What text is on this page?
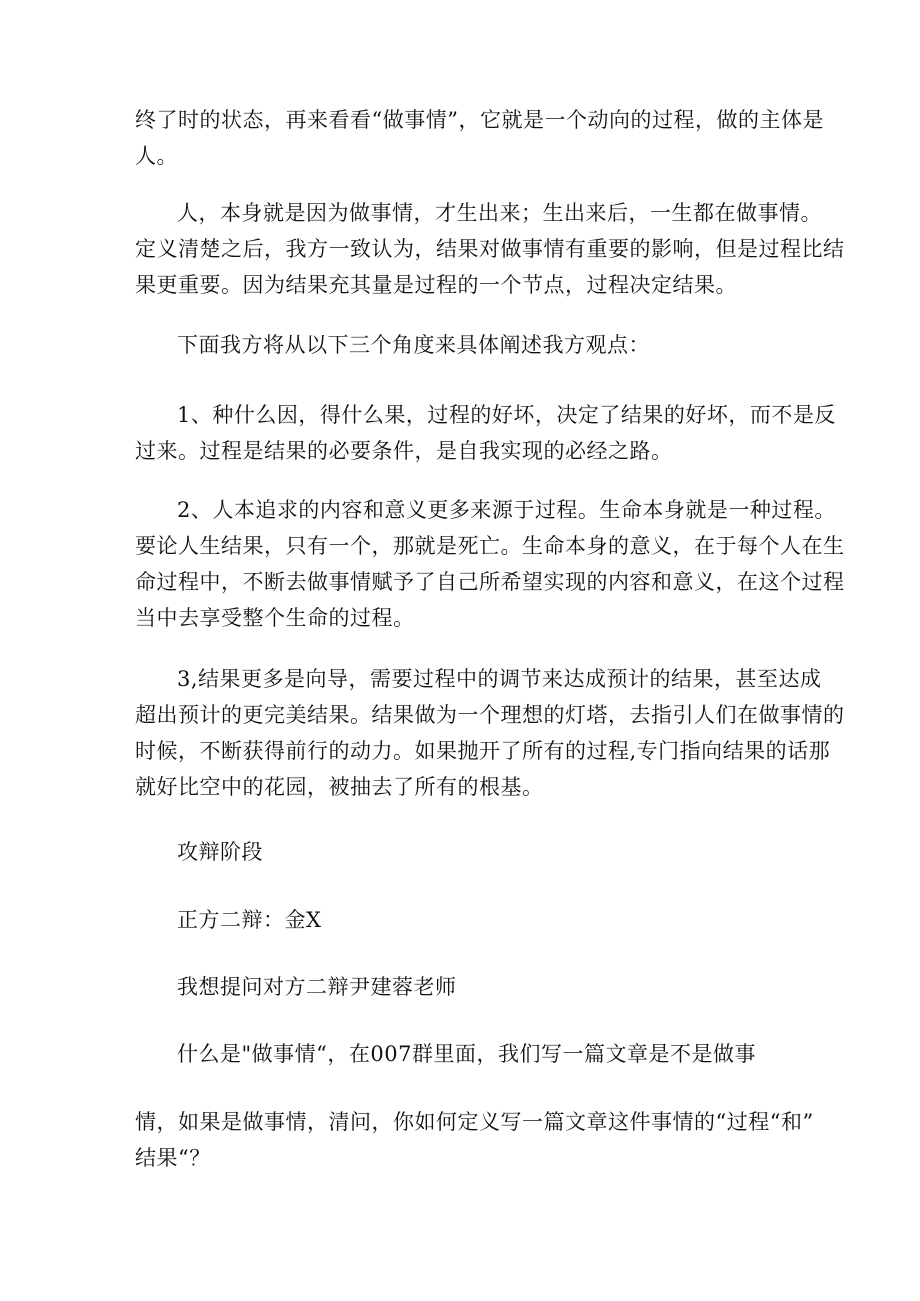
终了时的状态，再来看看“做事情”，它就是一个动向的过程，做的主体是
人。
人，本身就是因为做事情，才生出来；生出来后，一生都在做事情。
定义清楚之后，我方一致认为，结果对做事情有重要的影响，但是过程比结
果更重要。因为结果充其量是过程的一个节点，过程决定结果。
下面我方将从以下三个角度来具体阐述我方观点：
1、种什么因，得什么果，过程的好坏，决定了结果的好坏，而不是反
过来。过程是结果的必要条件，是自我实现的必经之路。
2、人本追求的内容和意义更多来源于过程。生命本身就是一种过程。
要论人生结果，只有一个，那就是死亡。生命本身的意义，在于每个人在生
命过程中，不断去做事情赋予了自己所希望实现的内容和意义，在这个过程
当中去享受整个生命的过程。
3,结果更多是向导，需要过程中的调节来达成预计的结果，甚至达成
超出预计的更完美结果。结果做为一个理想的灯塔，去指引人们在做事情的
时候，不断获得前行的动力。如果抛开了所有的过程,专门指向结果的话那
就好比空中的花园，被抽去了所有的根基。
攻辩阶段
正方二辩：金X
我想提问对方二辩尹建蓉老师
什么是"做事情“，在007群里面，我们写一篇文章是不是做事
情，如果是做事情，清问，你如何定义写一篇文章这件事情的“过程“和”
结果“？
